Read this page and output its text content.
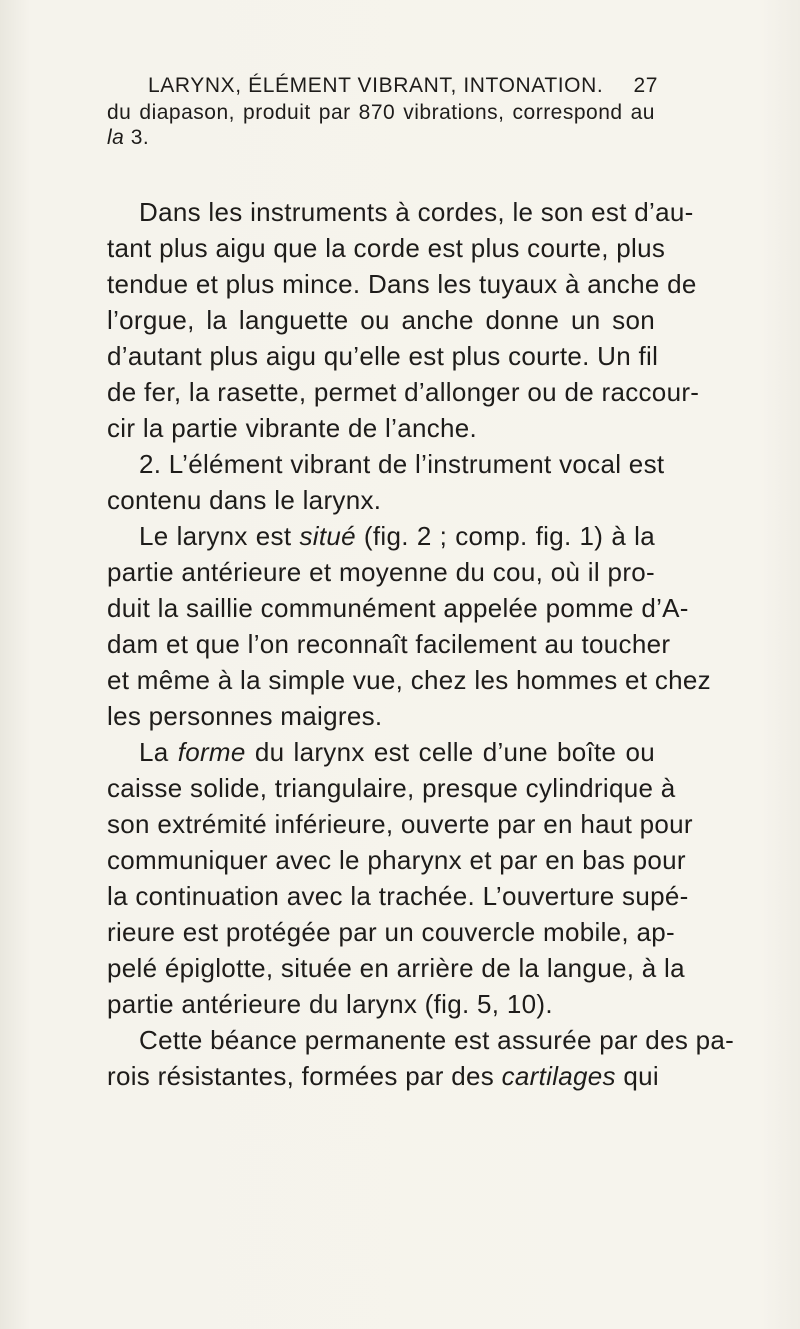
LARYNX, ÉLÉMENT VIBRANT, INTONATION. 27
du diapason, produit par 870 vibrations, correspond au
la 3.
Dans les instruments à cordes, le son est d’au-
tant plus aigu que la corde est plus courte, plus
tendue et plus mince. Dans les tuyaux à anche de
l’orgue, la languette ou anche donne un son
d’autant plus aigu qu’elle est plus courte. Un fil
de fer, la rasette, permet d’allonger ou de raccour-
cir la partie vibrante de l’anche.
2. L’élément vibrant de l’instrument vocal est
contenu dans le larynx.
Le larynx est situé (fig. 2 ; comp. fig. 1) à la
partie antérieure et moyenne du cou, où il pro-
duit la saillie communément appelée pomme d’A-
dam et que l’on reconnaît facilement au toucher
et même à la simple vue, chez les hommes et chez
les personnes maigres.
La forme du larynx est celle d’une boîte ou
caisse solide, triangulaire, presque cylindrique à
son extrémité inférieure, ouverte par en haut pour
communiquer avec le pharynx et par en bas pour
la continuation avec la trachée. L’ouverture supé-
rieure est protégée par un couvercle mobile, ap-
pelé épiglotte, située en arrière de la langue, à la
partie antérieure du larynx (fig. 5, 10).
Cette béance permanente est assurée par des pa-
rois résistantes, formées par des cartilages qui
